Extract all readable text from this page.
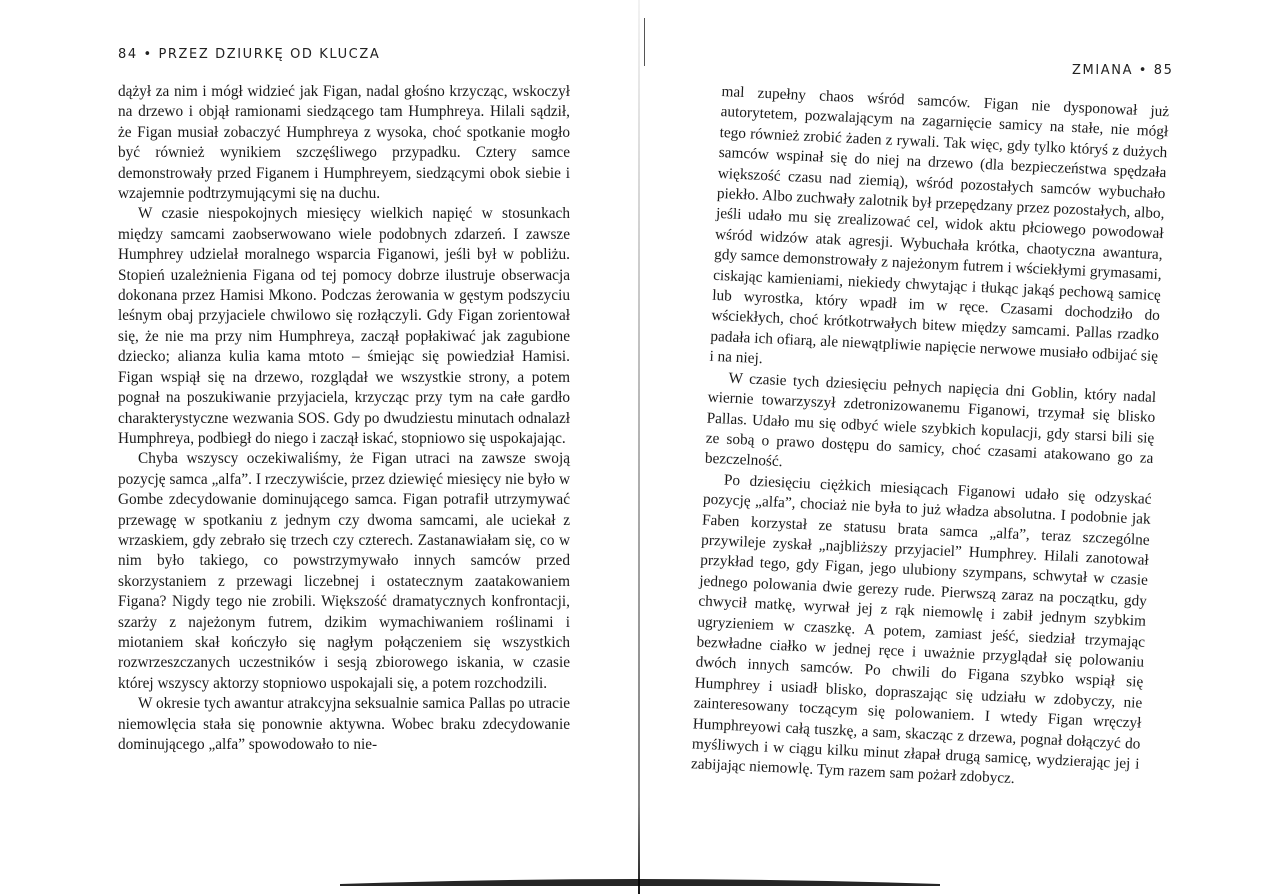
84 • PRZEZ DZIURKĘ OD KLUCZA
ZMIANA • 85

dążył za nim i mógł widzieć jak Figan, nadal głośno krzycząc, wskoczył na drzewo i objął ramionami siedzącego tam Humphreya. Hilali sądził, że Figan musiał zobaczyć Humphreya z wysoka, choć spotkanie mogło być również wynikiem szczęśliwego przypadku. Cztery samce demonstrowały przed Figanem i Humphreyem, siedzącymi obok siebie i wzajemnie podtrzymującymi się na duchu.

W czasie niespokojnych miesięcy wielkich napięć w stosunkach między samcami zaobserwowano wiele podobnych zdarzeń. I zawsze Humphrey udzielał moralnego wsparcia Figanowi, jeśli był w pobliżu. Stopień uzależnienia Figana od tej pomocy dobrze ilustruje obserwacja dokonana przez Hamisi Mkono. Podczas żerowania w gęstym podszyciu leśnym obaj przyjaciele chwilowo się rozłączyli. Gdy Figan zorientował się, że nie ma przy nim Humphreya, zaczął popłakiwać jak zagubione dziecko; alianza kulia kama mtoto – śmiejąc się powiedział Hamisi. Figan wspiął się na drzewo, rozglądał we wszystkie strony, a potem pognał na poszukiwanie przyjaciela, krzycząc przy tym na całe gardło charakterystyczne wezwania SOS. Gdy po dwudziestu minutach odnalazł Humphreya, podbiegł do niego i zaczął iskać, stopniowo się uspokajając.

Chyba wszyscy oczekiwaliśmy, że Figan utraci na zawsze swoją pozycję samca „alfa”. I rzeczywiście, przez dziewięć miesięcy nie było w Gombe zdecydowanie dominującego samca. Figan potrafił utrzymywać przewagę w spotkaniu z jednym czy dwoma samcami, ale uciekał z wrzaskiem, gdy zebrało się trzech czy czterech. Zastanawiałam się, co w nim było takiego, co powstrzymywało innych samców przed skorzystaniem z przewagi liczebnej i ostatecznym zaatakowaniem Figana? Nigdy tego nie zrobili. Większość dramatycznych konfrontacji, szarży z najeżonym futrem, dzikim wymachiwaniem roślinami i miotaniem skał kończyło się nagłym połączeniem się wszystkich rozwrzeszczanych uczestników i sesją zbiorowego iskania, w czasie której wszyscy aktorzy stopniowo uspokajali się, a potem rozchodzili.

W okresie tych awantur atrakcyjna seksualnie samica Pallas po utracie niemowlęcia stała się ponownie aktywna. Wobec braku zdecydowanie dominującego „alfa” spowodowało to nie-

mal zupełny chaos wśród samców. Figan nie dysponował już autorytetem, pozwalającym na zagarnięcie samicy na stałe, nie mógł tego również zrobić żaden z rywali. Tak więc, gdy tylko któryś z dużych samców wspinał się do niej na drzewo (dla bezpieczeństwa spędzała większość czasu nad ziemią), wśród pozostałych samców wybuchało piekło. Albo zuchwały zalotnik był przepędzany przez pozostałych, albo, jeśli udało mu się zrealizować cel, widok aktu płciowego powodował wśród widzów atak agresji. Wybuchała krótka, chaotyczna awantura, gdy samce demonstrowały z najeżonym futrem i wściekłymi grymasami, ciskając kamieniami, niekiedy chwytając i tłukąc jakąś pechową samicę lub wyrostka, który wpadł im w ręce. Czasami dochodziło do wściekłych, choć krótkotrwałych bitew między samcami. Pallas rzadko padała ich ofiarą, ale niewątpliwie napięcie nerwowe musiało odbijać się i na niej.

W czasie tych dziesięciu pełnych napięcia dni Goblin, który nadal wiernie towarzyszył zdetronizowanemu Figanowi, trzymał się blisko Pallas. Udało mu się odbyć wiele szybkich kopulacji, gdy starsi bili się ze sobą o prawo dostępu do samicy, choć czasami atakowano go za bezczelność.

Po dziesięciu ciężkich miesiącach Figanowi udało się odzyskać pozycję „alfa”, chociaż nie była to już władza absolutna. I podobnie jak Faben korzystał ze statusu brata samca „alfa”, teraz szczególne przywileje zyskał „najbliższy przyjaciel” Humphrey. Hilali zanotował przykład tego, gdy Figan, jego ulubiony szympans, schwytał w czasie jednego polowania dwie gerezy rude. Pierwszą zaraz na początku, gdy chwycił matkę, wyrwał jej z rąk niemowlę i zabił jednym szybkim ugryzieniem w czaszkę. A potem, zamiast jeść, siedział trzymając bezwładne ciałko w jednej ręce i uważnie przyglądał się polowaniu dwóch innych samców. Po chwili do Figana szybko wspiął się Humphrey i usiadł blisko, dopraszając się udziału w zdobyczy, nie zainteresowany toczącym się polowaniem. I wtedy Figan wręczył Humphreyowi całą tuszkę, a sam, skacząc z drzewa, pognał dołączyć do myśliwych i w ciągu kilku minut złapał drugą samicę, wydzierając jej i zabijając niemowlę. Tym razem sam pożarł zdobycz.
